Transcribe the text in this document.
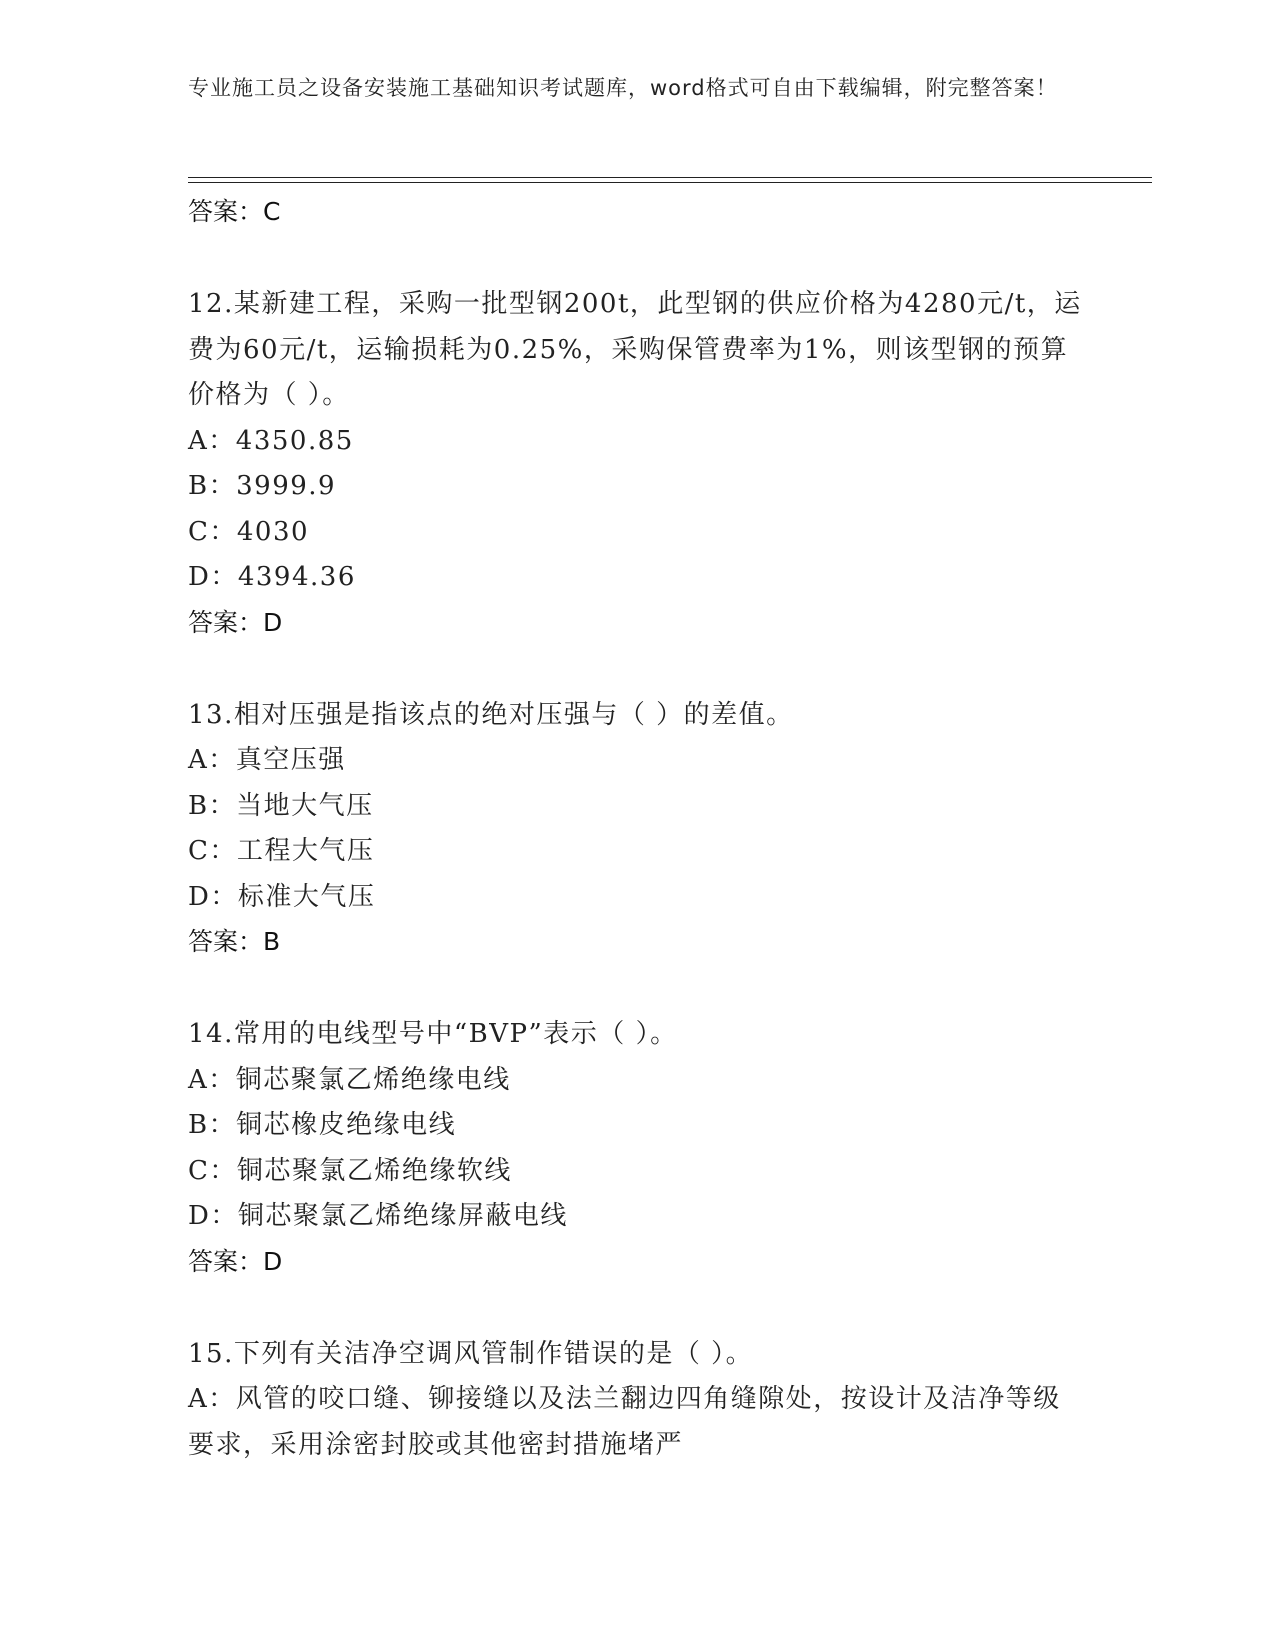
专业施工员之设备安装施工基础知识考试题库，word格式可自由下载编辑，附完整答案！
答案：C
12.某新建工程，采购一批型钢200t，此型钢的供应价格为4280元/t，运费为60元/t，运输损耗为0.25%，采购保管费率为1%，则该型钢的预算价格为（ ）。
A：4350.85
B：3999.9
C：4030
D：4394.36
答案：D
13.相对压强是指该点的绝对压强与（ ）的差值。
A：真空压强
B：当地大气压
C：工程大气压
D：标准大气压
答案：B
14.常用的电线型号中“BVP”表示（ ）。
A：铜芯聚氯乙烯绝缘电线
B：铜芯橡皮绝缘电线
C：铜芯聚氯乙烯绝缘软线
D：铜芯聚氯乙烯绝缘屏蔽电线
答案：D
15.下列有关洁净空调风管制作错误的是（ ）。
A：风管的咬口缝、铆接缝以及法兰翻边四角缝隙处，按设计及洁净等级要求，采用涂密封胶或其他密封措施堵严
